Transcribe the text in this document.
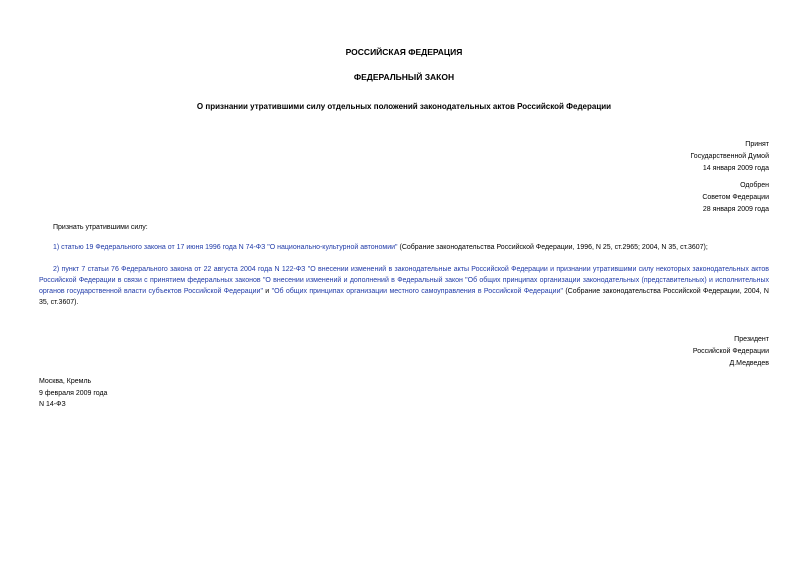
РОССИЙСКАЯ ФЕДЕРАЦИЯ
ФЕДЕРАЛЬНЫЙ ЗАКОН
О признании утратившими силу отдельных положений законодательных актов Российской Федерации
Принят
Государственной Думой
14 января 2009 года
Одобрен
Советом Федерации
28 января 2009 года
Признать утратившими силу:
1) статью 19 Федерального закона от 17 июня 1996 года N 74-ФЗ "О национально-культурной автономии" (Собрание законодательства Российской Федерации, 1996, N 25, ст.2965; 2004, N 35, ст.3607);
2) пункт 7 статьи 76 Федерального закона от 22 августа 2004 года N 122-ФЗ "О внесении изменений в законодательные акты Российской Федерации и признании утратившими силу некоторых законодательных актов Российской Федерации в связи с принятием федеральных законов "О внесении изменений и дополнений в Федеральный закон "Об общих принципах организации законодательных (представительных) и исполнительных органов государственной власти субъектов Российской Федерации" и "Об общих принципах организации местного самоуправления в Российской Федерации" (Собрание законодательства Российской Федерации, 2004, N 35, ст.3607).
Президент
Российской Федерации
Д.Медведев
Москва, Кремль
9 февраля 2009 года
N 14-ФЗ
